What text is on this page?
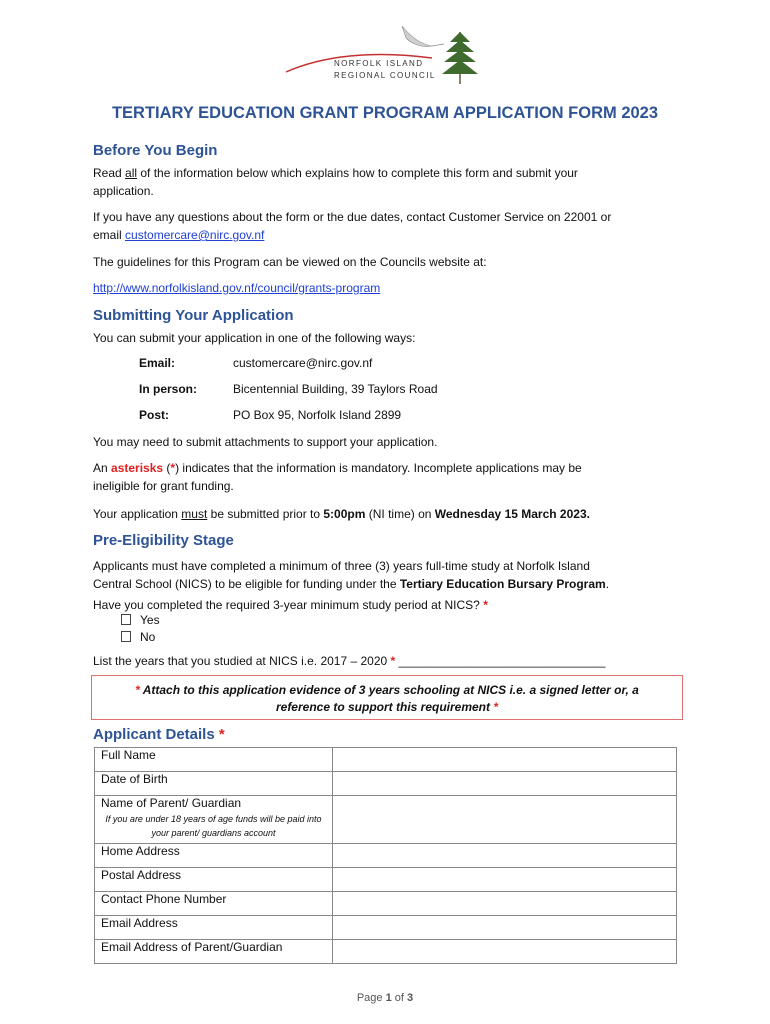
NORFOLK ISLAND
REGIONAL COUNCIL
TERTIARY EDUCATION GRANT PROGRAM APPLICATION FORM 2023
Before You Begin

Read all of the information below which explains how to complete this form and submit your
application.

If you have any questions about the form or the due dates, contact Customer Service on 22001 or
email customercare@nirc.gov.nf

The guidelines for this Program can be viewed on the Councils website at:

http://www.norfolkisland.gov.nf/council/grants-program

Submitting Your Application

You can submit your application in one of the following ways:

Email:	customercare@nirc.gov.nf
In person:	Bicentennial Building, 39 Taylors Road
Post:	PO Box 95, Norfolk Island 2899

You may need to submit attachments to support your application.

An asterisks (*) indicates that the information is mandatory. Incomplete applications may be
ineligible for grant funding.

Your application must be submitted prior to 5:00pm (NI time) on Wednesday 15 March 2023.

Pre-Eligibility Stage

Applicants must have completed a minimum of three (3) years full-time study at Norfolk Island
Central School (NICS) to be eligible for funding under the Tertiary Education Bursary Program.

Have you completed the required 3-year minimum study period at NICS? *

Yes
No

List the years that you studied at NICS i.e. 2017 – 2020 * _______________________________

* Attach to this application evidence of 3 years schooling at NICS i.e. a signed letter or, a
reference to support this requirement *
Applicant Details *
Full Name	
Date of Birth	

Name of Parent/ Guardian
If you are under 18 years of age funds will be paid into your parent/ guardians account	

Home Address	
Postal Address	
Contact Phone Number	
Email Address	
Email Address of Parent/Guardian	
Page 1 of 3
